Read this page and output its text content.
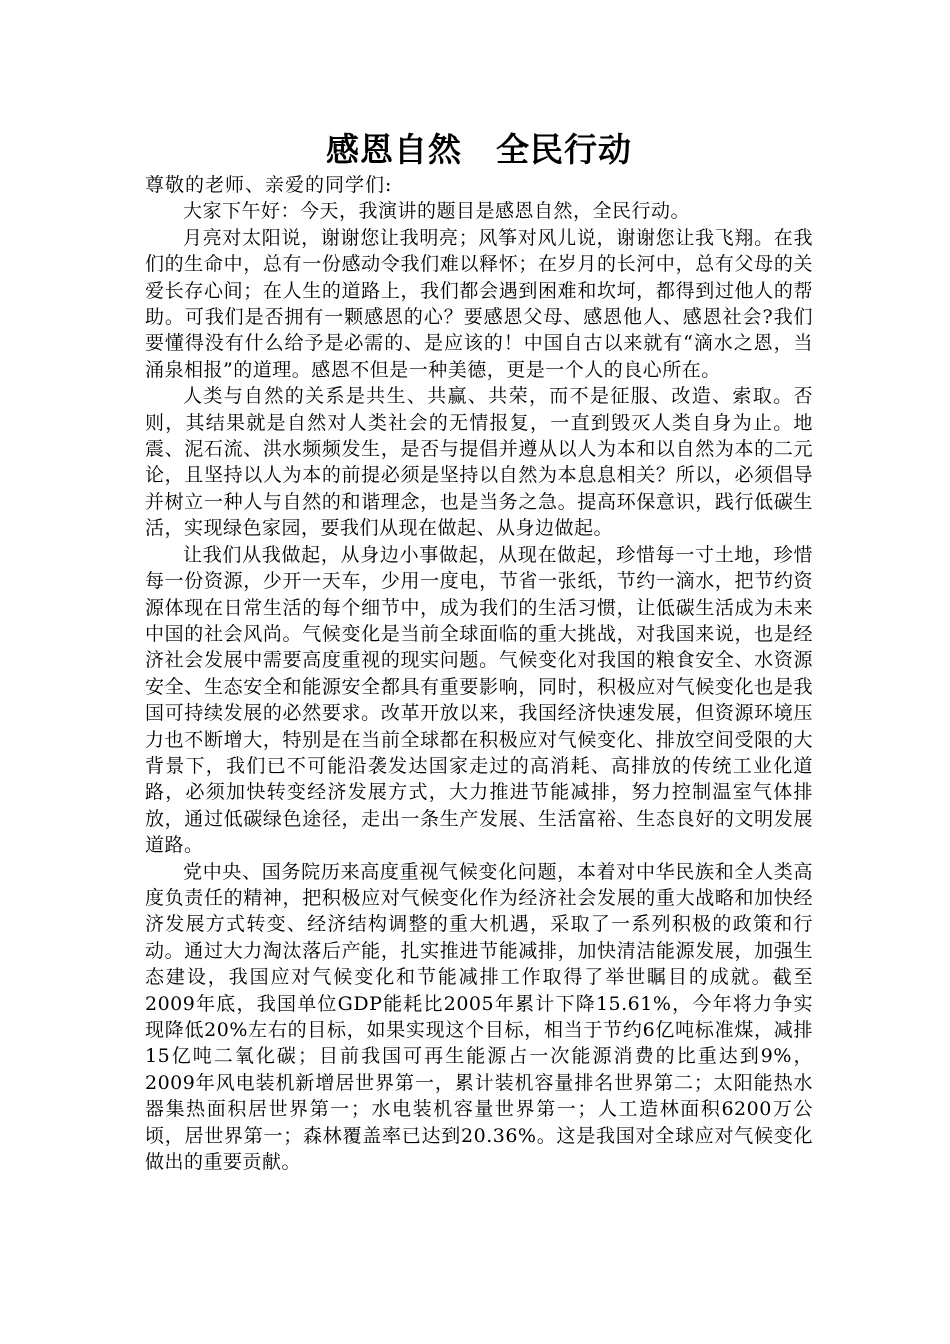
感恩自然　全民行动

尊敬的老师、亲爱的同学们:

大家下午好：今天，我演讲的题目是感恩自然，全民行动。

月亮对太阳说，谢谢您让我明亮；风筝对风儿说，谢谢您让我飞翔。在我们的生命中，总有一份感动令我们难以释怀；在岁月的长河中，总有父母的关爱长存心间；在人生的道路上，我们都会遇到困难和坎坷，都得到过他人的帮助。可我们是否拥有一颗感恩的心？要感恩父母、感恩他人、感恩社会?我们要懂得没有什么给予是必需的、是应该的！中国自古以来就有“滴水之恩，当涌泉相报”的道理。感恩不但是一种美德，更是一个人的良心所在。

人类与自然的关系是共生、共赢、共荣，而不是征服、改造、索取。否则，其结果就是自然对人类社会的无情报复，一直到毁灭人类自身为止。地震、泥石流、洪水频频发生，是否与提倡并遵从以人为本和以自然为本的二元论，且坚持以人为本的前提必须是坚持以自然为本息息相关？所以，必须倡导并树立一种人与自然的和谐理念，也是当务之急。提高环保意识，践行低碳生活，实现绿色家园，要我们从现在做起、从身边做起。

让我们从我做起，从身边小事做起，从现在做起，珍惜每一寸土地，珍惜每一份资源，少开一天车，少用一度电，节省一张纸，节约一滴水，把节约资源体现在日常生活的每个细节中，成为我们的生活习惯，让低碳生活成为未来中国的社会风尚。气候变化是当前全球面临的重大挑战，对我国来说，也是经济社会发展中需要高度重视的现实问题。气候变化对我国的粮食安全、水资源安全、生态安全和能源安全都具有重要影响，同时，积极应对气候变化也是我国可持续发展的必然要求。改革开放以来，我国经济快速发展，但资源环境压力也不断增大，特别是在当前全球都在积极应对气候变化、排放空间受限的大背景下，我们已不可能沿袭发达国家走过的高消耗、高排放的传统工业化道路，必须加快转变经济发展方式，大力推进节能减排，努力控制温室气体排放，通过低碳绿色途径，走出一条生产发展、生活富裕、生态良好的文明发展道路。

党中央、国务院历来高度重视气候变化问题，本着对中华民族和全人类高度负责任的精神，把积极应对气候变化作为经济社会发展的重大战略和加快经济发展方式转变、经济结构调整的重大机遇，采取了一系列积极的政策和行动。通过大力淘汰落后产能，扎实推进节能减排，加快清洁能源发展，加强生态建设，我国应对气候变化和节能减排工作取得了举世瞩目的成就。截至2009年底，我国单位GDP能耗比2005年累计下降15.61%，今年将力争实现降低20%左右的目标，如果实现这个目标，相当于节约6亿吨标准煤，减排15亿吨二氧化碳；目前我国可再生能源占一次能源消费的比重达到9%，2009年风电装机新增居世界第一，累计装机容量排名世界第二；太阳能热水器集热面积居世界第一；水电装机容量世界第一；人工造林面积6200万公顷，居世界第一；森林覆盖率已达到20.36%。这是我国对全球应对气候变化做出的重要贡献。
